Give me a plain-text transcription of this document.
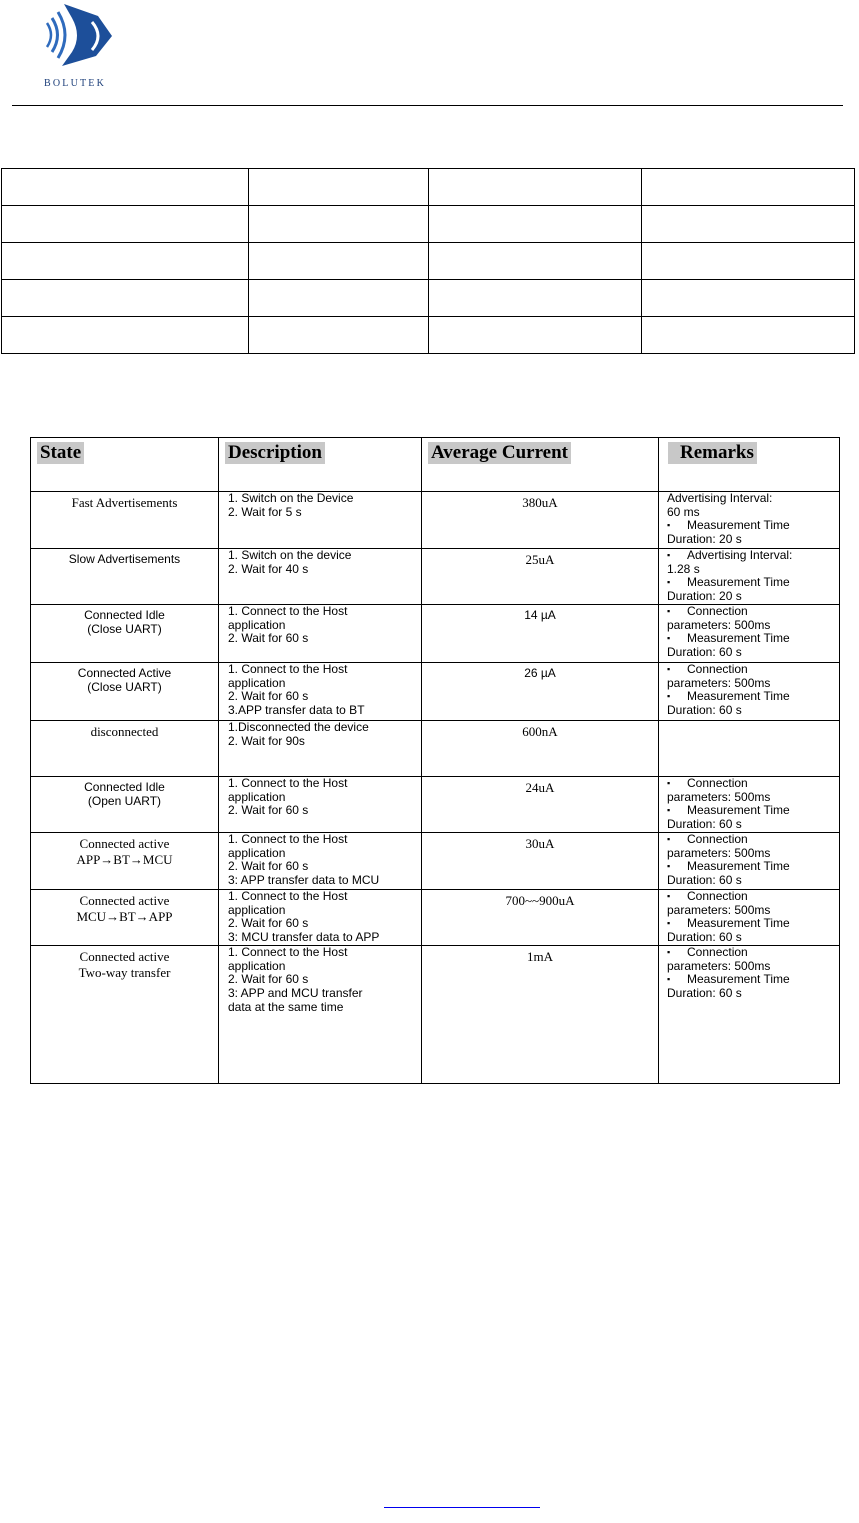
BOLUTEK

State	Description	Average Current	Remarks

Fast Advertisements	1. Switch on the Device
2. Wait for 5 s	380uA	Advertising Interval:
60 ms
▪ Measurement Time
Duration: 20 s

Slow Advertisements	1. Switch on the device
2. Wait for 40 s	25uA	▪ Advertising Interval:
1.28 s
▪ Measurement Time
Duration: 20 s

Connected Idle
(Close UART)	1. Connect to the Host
application
2. Wait for 60 s	14 µA	▪ Connection
parameters: 500ms
▪ Measurement Time
Duration: 60 s

Connected Active
(Close UART)	1. Connect to the Host
application
2. Wait for 60 s
3.APP transfer data to BT	26 µA	▪ Connection
parameters: 500ms
▪ Measurement Time
Duration: 60 s

disconnected	1.Disconnected the device
2. Wait for 90s	600nA	

Connected Idle
(Open UART)	1. Connect to the Host
application
2. Wait for 60 s	24uA	▪ Connection
parameters: 500ms
▪ Measurement Time
Duration: 60 s

Connected active
APP→BT→MCU	1. Connect to the Host
application
2. Wait for 60 s
3: APP transfer data to MCU	30uA	▪ Connection
parameters: 500ms
▪ Measurement Time
Duration: 60 s

Connected active
MCU→BT→APP	1. Connect to the Host
application
2. Wait for 60 s
3: MCU transfer data to APP	700~~900uA	▪ Connection
parameters: 500ms
▪ Measurement Time
Duration: 60 s

Connected active
Two-way transfer	1. Connect to the Host
application
2. Wait for 60 s
3: APP and MCU transfer
data at the same time	1mA	▪ Connection
parameters: 500ms
▪ Measurement Time
Duration: 60 s
